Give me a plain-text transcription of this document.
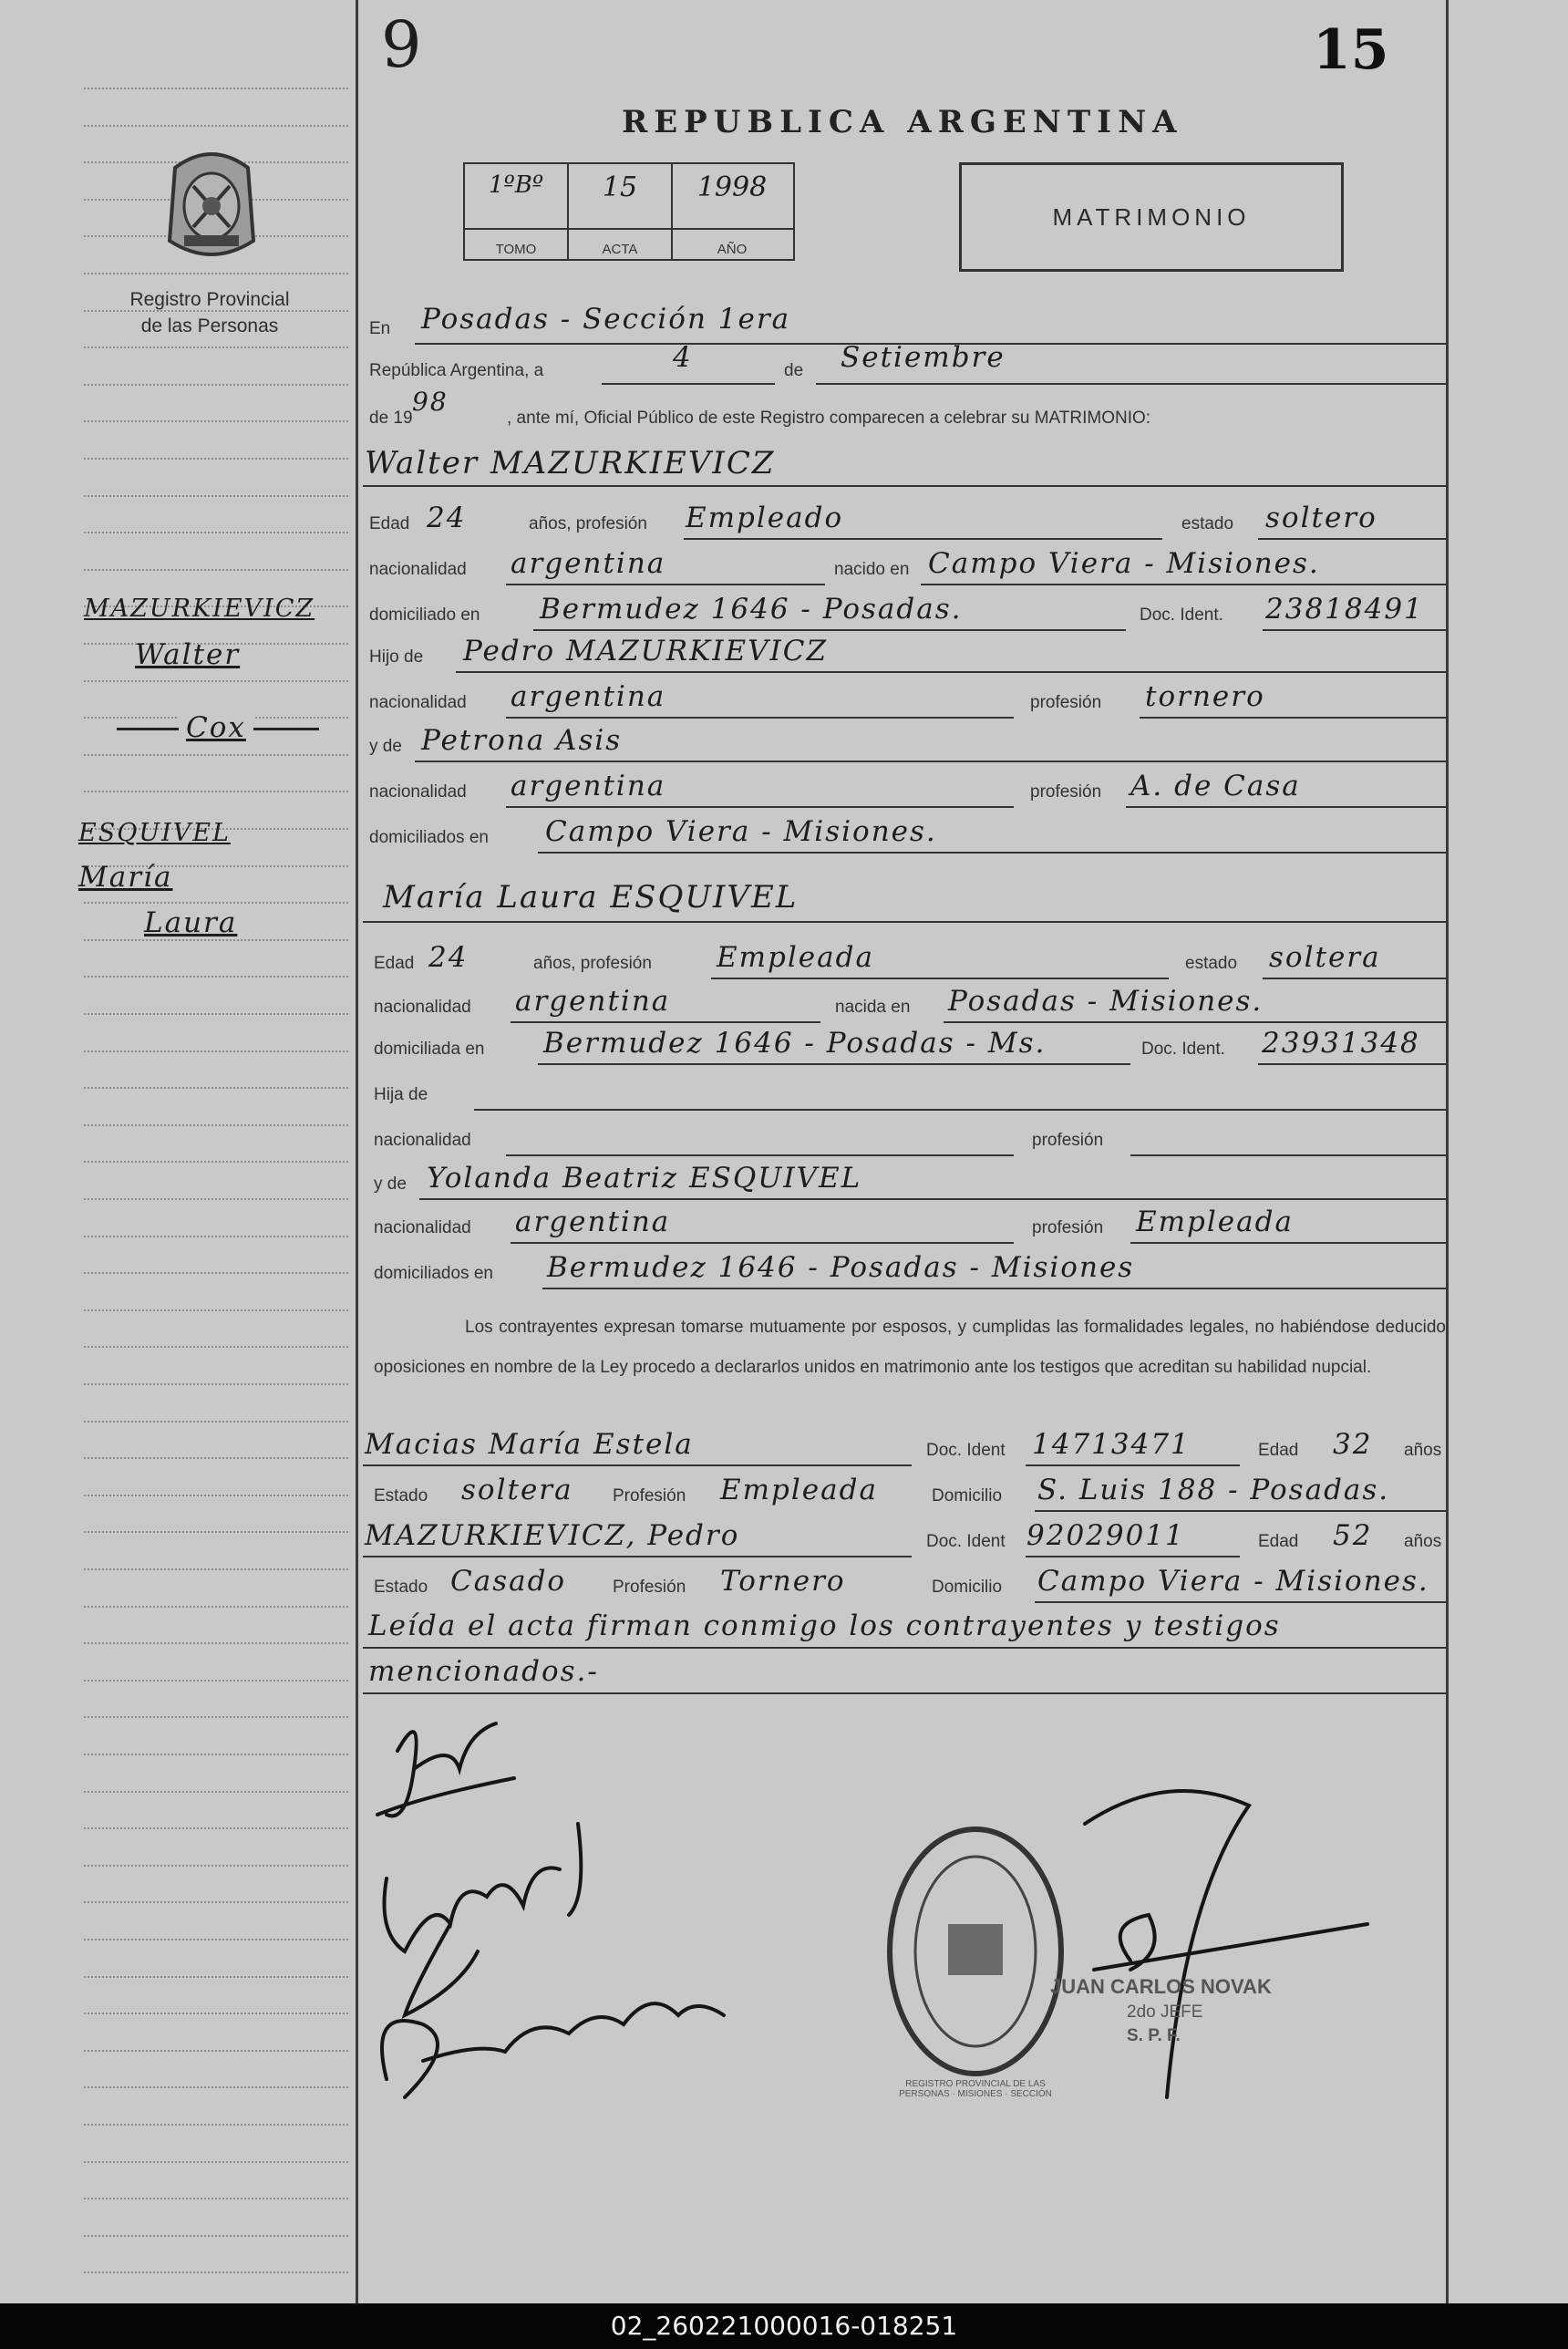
9	15
Registro Provincial
de las Personas
REPUBLICA ARGENTINA
1ºBº	15	1998
TOMO	ACTA	AÑO
MATRIMONIO
Los contrayentes expresan tomarse mutuamente por esposos, y cumplidas las formalidades legales, no habiéndose deducido oposiciones en nombre de la Ley procedo a declararlos unidos en matrimonio ante los testigos que acreditan su habilidad nupcial.
MAZURKIEVICZ
Walter
Cox
ESQUIVEL
María
Laura
REGISTRO PROVINCIAL DE LAS PERSONAS · MISIONES · SECCIÓN
JUAN CARLOS NOVAK
2do JEFE
S. P. F.
En Posadas - Sección 1era
República Argentina, a	4	de Setiembre
de 19
98
, ante mí, Oficial Público de este Registro comparecen a celebrar su MATRIMONIO:
Walter MAZURKIEVICZ
María Laura ESQUIVEL
Edad 24	años, profesión Empleado	estado soltero
nacionalidad argentina	nacido en Campo Viera - Misiones.
domiciliado en Bermudez 1646 - Posadas.	Doc. Ident. 23818491
Hijo de Pedro MAZURKIEVICZ
nacionalidad argentina	profesión tornero
y de Petrona Asis
nacionalidad argentina	profesión A. de Casa
domiciliados en Campo Viera - Misiones.
Edad 24	años, profesión Empleada	estado soltera
nacionalidad argentina	nacida en Posadas - Misiones.
domiciliada en Bermudez 1646 - Posadas - Ms.	Doc. Ident. 23931348
Hija de
nacionalidad	profesión
y de Yolanda Beatriz ESQUIVEL
nacionalidad argentina	profesión Empleada
domiciliados en Bermudez 1646 - Posadas - Misiones
Macias María Estela	Doc. Ident 14713471	Edad 32 años
Estado soltera Profesión Empleada	Domicilio S. Luis 188 - Posadas.
MAZURKIEVICZ, Pedro	Doc. Ident 92029011	Edad 52 años
Estado Casado	Profesión Tornero	Domicilio Campo Viera - Misiones.
Leída el acta firman conmigo los contrayentes y testigos mencionados.-
02_260221000016-018251
